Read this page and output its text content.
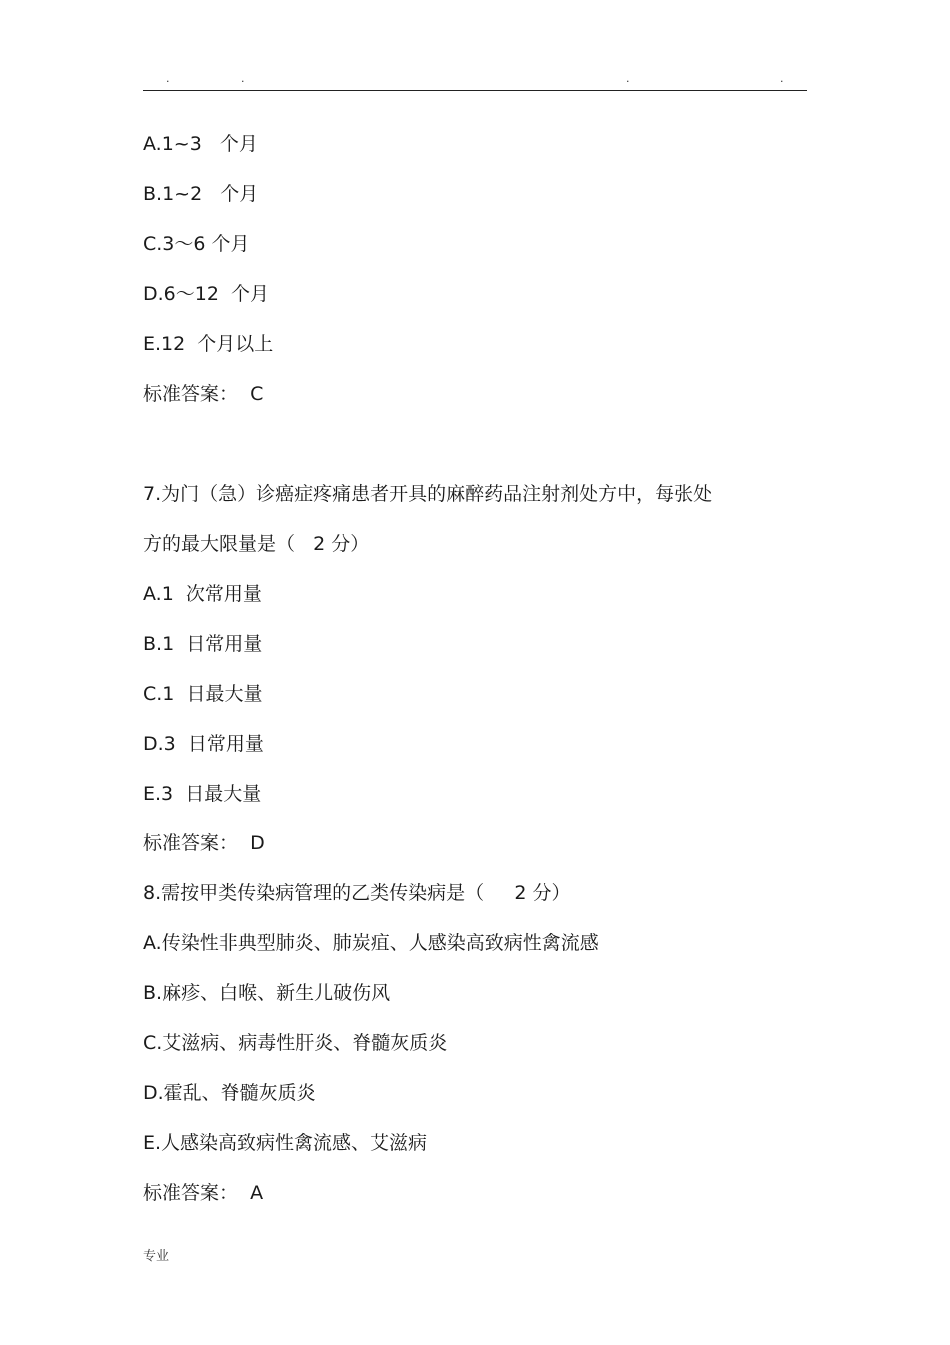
.	.	.	.
A.1~3   个月
B.1~2   个月
C.3～6 个月
D.6～12  个月
E.12  个月以上
标准答案：  C
7.为门（急）诊癌症疼痛患者开具的麻醉药品注射剂处方中，每张处
方的最大限量是（   2 分）
A.1  次常用量
B.1  日常用量
C.1  日最大量
D.3  日常用量
E.3  日最大量
标准答案：  D
8.需按甲类传染病管理的乙类传染病是（     2 分）
A.传染性非典型肺炎、肺炭疽、人感染高致病性禽流感
B.麻疹、白喉、新生儿破伤风
C.艾滋病、病毒性肝炎、脊髓灰质炎
D.霍乱、脊髓灰质炎
E.人感染高致病性禽流感、艾滋病
标准答案：  A
专业
